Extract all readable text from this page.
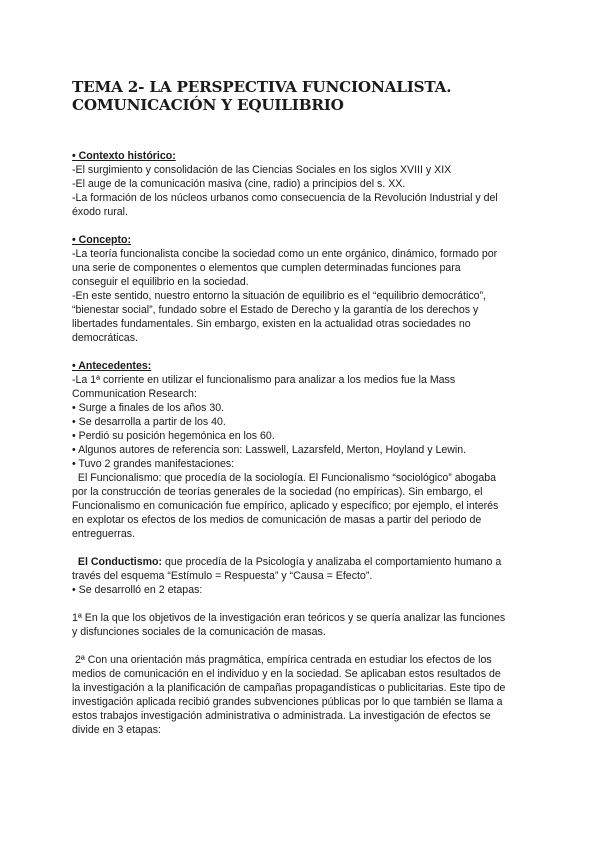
TEMA 2- LA PERSPECTIVA FUNCIONALISTA.
COMUNICACIÓN Y EQUILIBRIO
• Contexto histórico:
-El surgimiento y consolidación de las Ciencias Sociales en los siglos XVIII y XIX
-El auge de la comunicación masiva (cine, radio) a principios del s. XX.
-La formación de los núcleos urbanos como consecuencia de la Revolución Industrial y del
éxodo rural.
• Concepto:
-La teoría funcionalista concibe la sociedad como un ente orgánico, dinámico, formado por
una serie de componentes o elementos que cumplen determinadas funciones para
conseguir el equilibrio en la sociedad.
-En este sentido, nuestro entorno la situación de equilibrio es el “equilibrio democrático”,
“bienestar social”, fundado sobre el Estado de Derecho y la garantía de los derechos y
libertades fundamentales. Sin embargo, existen en la actualidad otras sociedades no
democráticas.
• Antecedentes:
-La 1ª corriente en utilizar el funcionalismo para analizar a los medios fue la Mass
Communication Research:
• Surge a finales de los años 30.
• Se desarrolla a partir de los 40.
• Perdió su posición hegemónica en los 60.
• Algunos autores de referencia son: Lasswell, Lazarsfeld, Merton, Hoyland y Lewin.
• Tuvo 2 grandes manifestaciones:
El Funcionalismo: que procedía de la sociología. El Funcionalismo “sociológico” abogaba
por la construcción de teorías generales de la sociedad (no empíricas). Sin embargo, el
Funcionalismo en comunicación fue empírico, aplicado y específico; por ejemplo, el interés
en explotar os efectos de los medios de comunicación de masas a partir del periodo de
entreguerras.
El Conductismo: que procedía de la Psicología y analizaba el comportamiento humano a
través del esquema “Estímulo = Respuesta” y “Causa = Efecto”.
• Se desarrolló en 2 etapas:
1ª En la que los objetivos de la investigación eran teóricos y se quería analizar las funciones
y disfunciones sociales de la comunicación de masas.
2ª Con una orientación más pragmática, empírica centrada en estudiar los efectos de los
medios de comunicación en el individuo y en la sociedad. Se aplicaban estos resultados de
la investigación a la planificación de campañas propagandísticas o publicitarias. Este tipo de
investigación aplicada recibió grandes subvenciones públicas por lo que también se llama a
estos trabajos investigación administrativa o administrada. La investigación de efectos se
divide en 3 etapas:
